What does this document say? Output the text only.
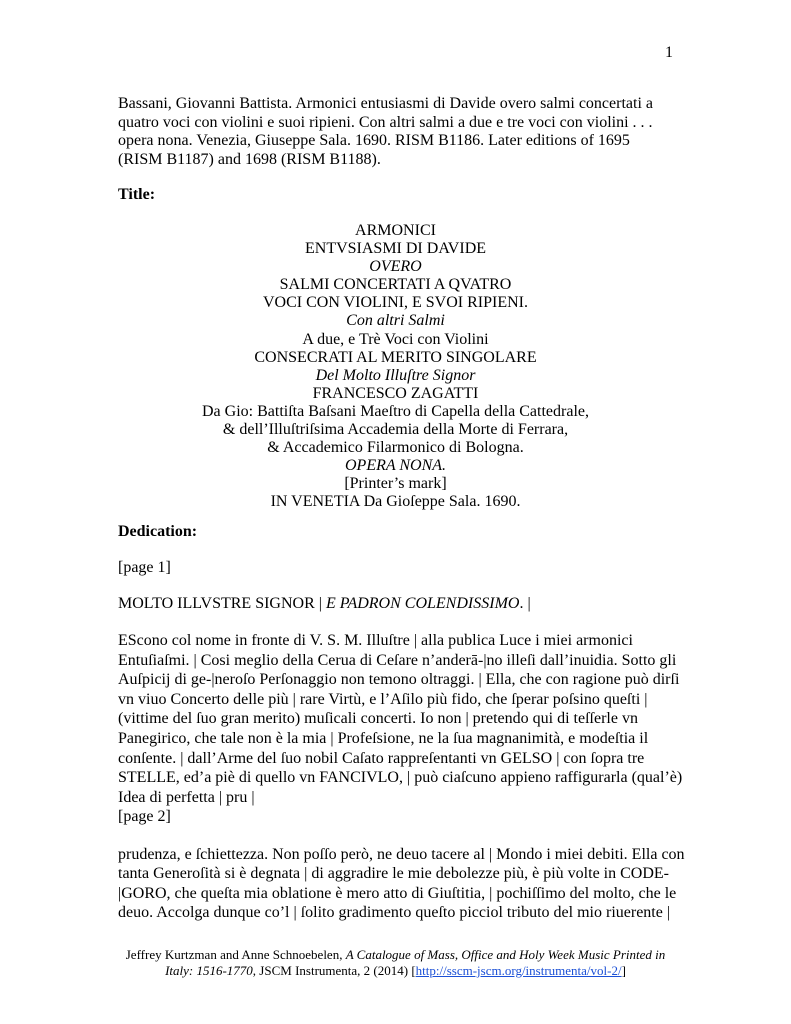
1
Bassani, Giovanni Battista. Armonici entusiasmi di Davide overo salmi concertati a
quatro voci con violini e suoi ripieni. Con altri salmi a due e tre voci con violini . . .
opera nona. Venezia, Giuseppe Sala. 1690. RISM B1186. Later editions of 1695
(RISM B1187) and 1698 (RISM B1188).
Title:
ARMONICI
ENTVSIASMI DI DAVIDE
OVERO
SALMI CONCERTATI A QVATRO
VOCI CON VIOLINI, E SVOI RIPIENI.
Con altri Salmi
A due, e Trè Voci con Violini
CONSECRATI AL MERITO SINGOLARE
Del Molto Illuſtre Signor
FRANCESCO ZAGATTI
Da Gio: Battiſta Baſsani Maeſtro di Capella della Cattedrale,
& dell’Illuſtriſsima Accademia della Morte di Ferrara,
& Accademico Filarmonico di Bologna.
OPERA NONA.
[Printer’s mark]
IN VENETIA Da Gioſeppe Sala. 1690.
Dedication:
[page 1]
MOLTO ILLVSTRE SIGNOR | E PADRON COLENDISSIMO. |
EScono col nome in fronte di V. S. M. Illuſtre | alla publica Luce i miei armonici
Entuſiaſmi. | Cosi meglio della Cerua di Ceſare n’anderā-|no illeſi dall’inuidia. Sotto gli
Auſpicij di ge-|neroſo Perſonaggio non temono oltraggi. | Ella, che con ragione può dirſi
vn viuo Concerto delle più | rare Virtù, e l’Aſilo più fido, che ſperar poſsino queſti |
(vittime del ſuo gran merito) muſicali concerti. Io non | pretendo qui di teſſerle vn
Panegirico, che tale non è la mia | Profeſsione, ne la ſua magnanimità, e modeſtia il
conſente. | dall’Arme del ſuo nobil Caſato rappreſentanti vn GELSO | con ſopra tre
STELLE, ed’a piè di quello vn FANCIVLO, | può ciaſcuno appieno raffigurarla (qual’è)
Idea di perfetta | pru |
[page 2]
prudenza, e ſchiettezza. Non poſſo però, ne deuo tacere al | Mondo i miei debiti. Ella con
tanta Generoſità si è degnata | di aggradire le mie debolezze più, è più volte in CODE-
|GORO, che queſta mia oblatione è mero atto di Giuſtitia, | pochiſſimo del molto, che le
deuo. Accolga dunque co’l | ſolito gradimento queſto picciol tributo del mio riuerente |
Jeffrey Kurtzman and Anne Schnoebelen, A Catalogue of Mass, Office and Holy Week Music Printed in
Italy: 1516-1770, JSCM Instrumenta, 2 (2014) [http://sscm-jscm.org/instrumenta/vol-2/]
